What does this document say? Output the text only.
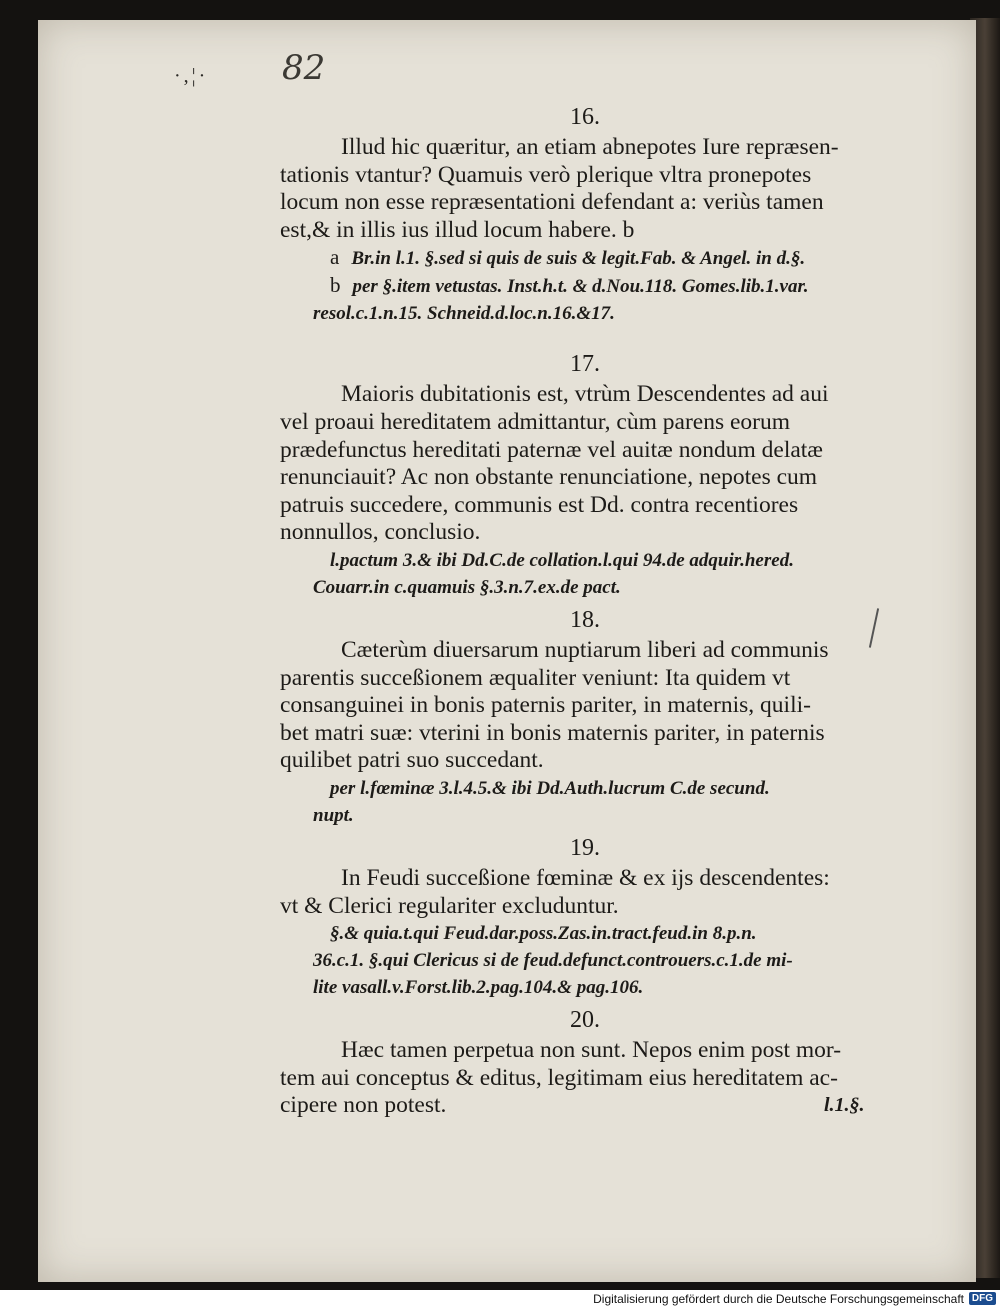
·,¦· 82
16.

Illud hic quæritur, an etiam abnepotes Iure repræsen-
tationis vtantur? Quamuis verò plerique vltra pronepotes
locum non esse repræsentationi defendant a: veriùs tamen
est,& in illis ius illud locum habere. b

a Br.in l.1. §.sed si quis de suis & legit.Fab. & Angel. in d.§.
b per §.item vetustas. Inst.h.t. & d.Nou.118. Gomes.lib.1.var.
resol.c.1.n.15. Schneid.d.loc.n.16.&17.
17.

Maioris dubitationis est, vtrùm Descendentes ad aui
vel proaui hereditatem admittantur, cùm parens eorum
prædefunctus hereditati paternæ vel auitæ nondum delatæ
renunciauit? Ac non obstante renunciatione, nepotes cum
patruis succedere, communis est Dd. contra recentiores
nonnullos, conclusio.

l.pactum 3.& ibi Dd.C.de collation.l.qui 94.de adquir.hered.
Couarr.in c.quamuis §.3.n.7.ex.de pact.
18.

Cæterùm diuersarum nuptiarum liberi ad communis
parentis succeßionem æqualiter veniunt: Ita quidem vt
consanguinei in bonis paternis pariter, in maternis, quili-
bet matri suæ: vterini in bonis maternis pariter, in paternis
quilibet patri suo succedant.

per l.fœminæ 3.l.4.5.& ibi Dd.Auth.lucrum C.de secund.
nupt.
19.

In Feudi succeßione fœminæ & ex ijs descendentes:
vt & Clerici regulariter excluduntur.

§.& quia.t.qui Feud.dar.poss.Zas.in.tract.feud.in 8.p.n.
36.c.1. §.qui Clericus si de feud.defunct.controuers.c.1.de mi-
lite vasall.v.Forst.lib.2.pag.104.& pag.106.
20.

Hæc tamen perpetua non sunt. Nepos enim post mor-
tem aui conceptus & editus, legitimam eius hereditatem ac-
cipere non potest.	l.1.§.
Digitalisierung gefördert durch die Deutsche Forschungsgemeinschaft DFG
